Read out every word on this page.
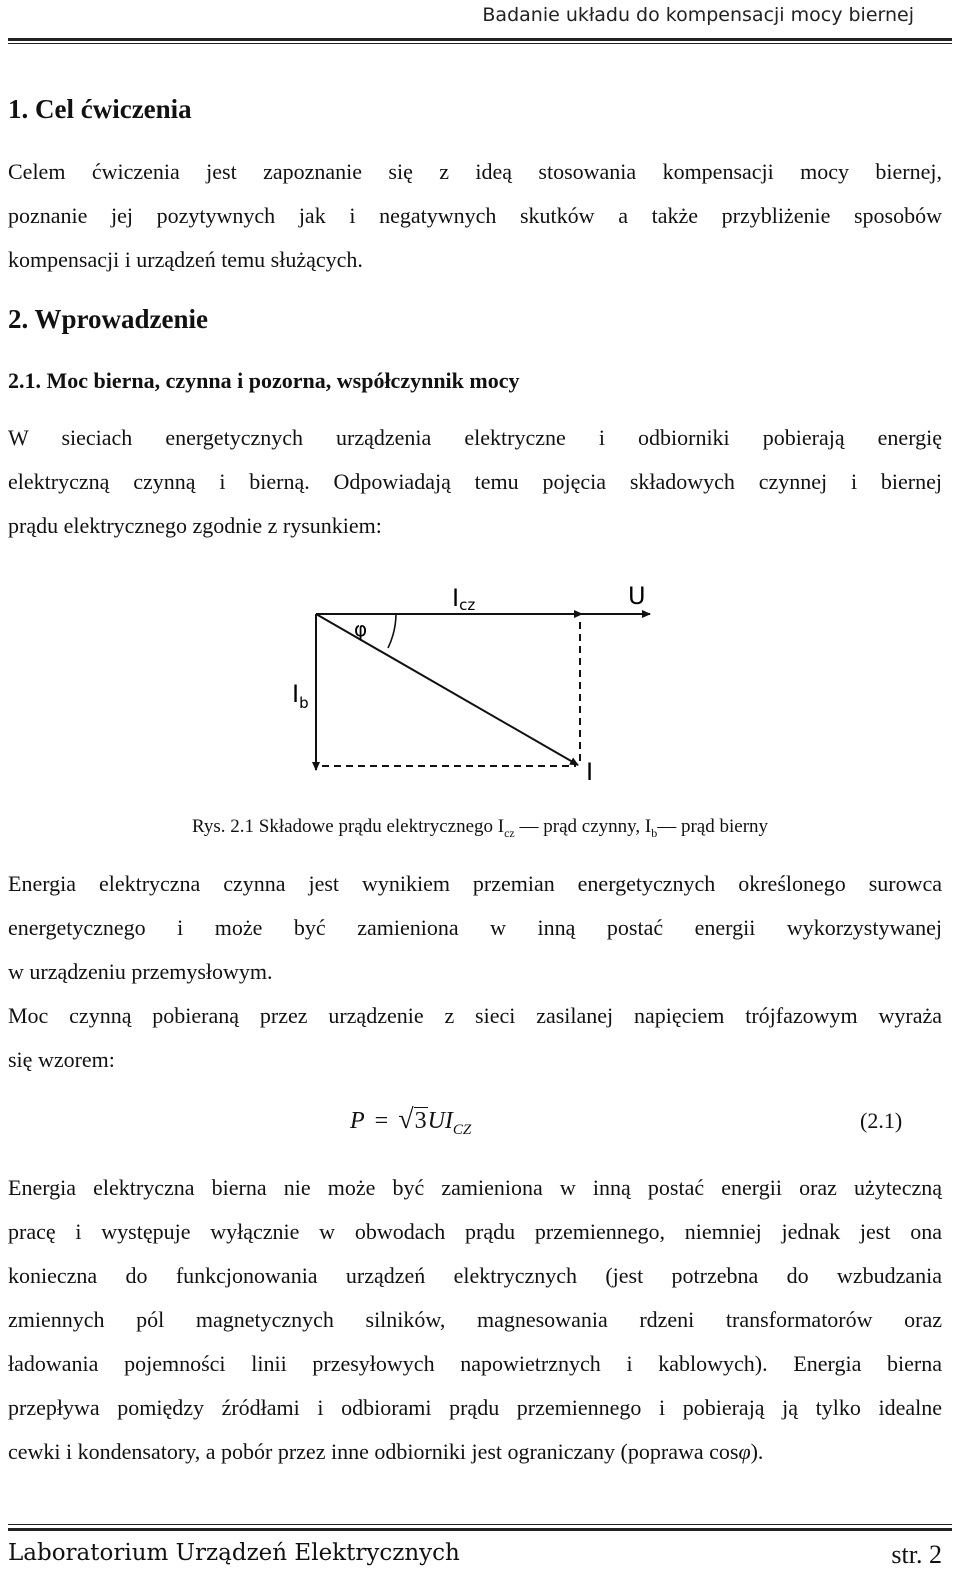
Badanie układu do kompensacji mocy biernej
1. Cel ćwiczenia
Celem ćwiczenia jest zapoznanie się z ideą stosowania kompensacji mocy biernej,
poznanie jej pozytywnych jak i negatywnych skutków a także przybliżenie sposobów
kompensacji i urządzeń temu służących.
2. Wprowadzenie
2.1. Moc bierna, czynna i pozorna, współczynnik mocy
W sieciach energetycznych urządzenia elektryczne i odbiorniki pobierają energię
elektryczną czynną i bierną. Odpowiadają temu pojęcia składowych czynnej i biernej
prądu elektrycznego zgodnie z rysunkiem:
Icz	U
φ
$I_b$
I
Rys. 2.1 Składowe prądu elektrycznego $I_{cz}$ — prąd czynny, $I_b—$ prąd bierny
Energia elektryczna czynna jest wynikiem przemian energetycznych określonego surowca
energetycznego i może być zamieniona w inną postać energii wykorzystywanej
w urządzeniu przemysłowym.
Moc czynną pobieraną przez urządzenie z sieci zasilanej napięciem trójfazowym wyraża
się wzorem:
$P = √3UI_{CZ}$	(2.1)
Energia elektryczna bierna nie może być zamieniona w inną postać energii oraz użyteczną
pracę i występuje wyłącznie w obwodach prądu przemiennego, niemniej jednak jest ona
konieczna do funkcjonowania urządzeń elektrycznych (jest potrzebna do wzbudzania
zmiennych pól magnetycznych silników, magnesowania rdzeni transformatorów oraz
ładowania pojemności linii przesyłowych napowietrznych i kablowych). Energia bierna
przepływa pomiędzy źródłami i odbiorami prądu przemiennego i pobierają ją tylko idealne
cewki i kondensatory, a pobór przez inne odbiorniki jest ograniczany (poprawa cosφ).
Laboratorium Urządzeń Elektrycznych	str. 2
